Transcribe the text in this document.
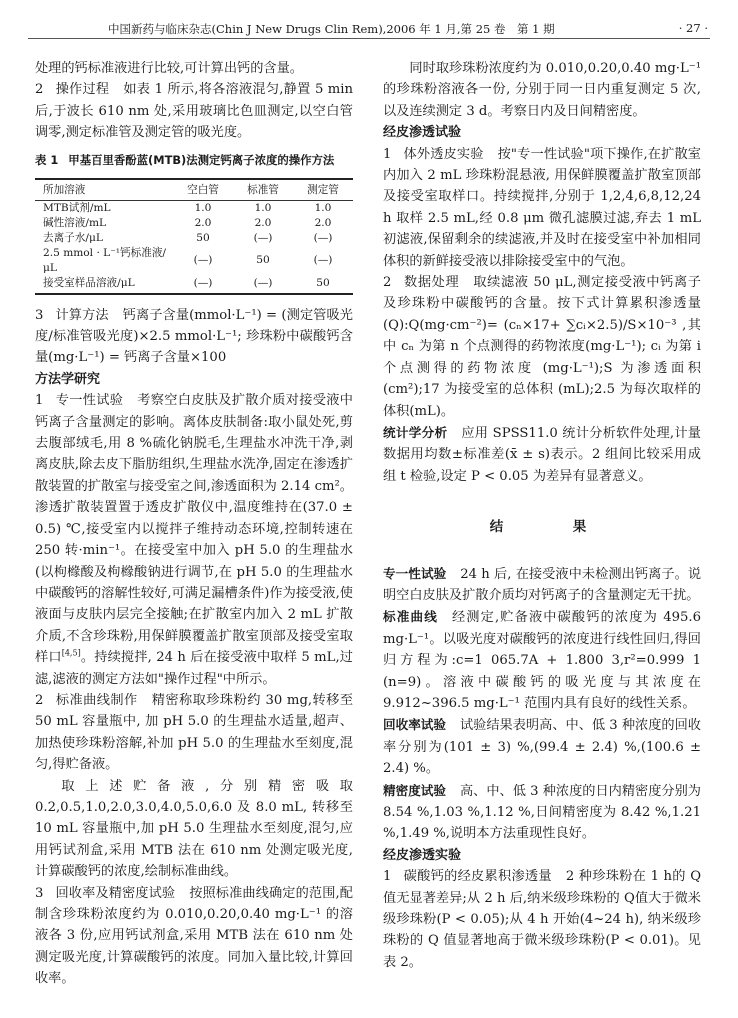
中国新药与临床杂志(Chin J New Drugs Clin Rem),2006 年 1 月,第 25 卷　第 1 期	· 27 ·

处理的钙标准液进行比较,可计算出钙的含量。

2 操作过程 如表 1 所示,将各溶液混匀,静置 5 min 后,于波长 610 nm 处,采用玻璃比色皿测定,以空白管调零,测定标准管及测定管的吸光度。

表 1 甲基百里香酚蓝(MTB)法测定钙离子浓度的操作方法
所加溶液	空白管	标准管	测定管
MTB试剂/mL	1.0	1.0	1.0
碱性溶液/mL	2.0	2.0	2.0
去离子水/μL	50	(—)	(—)
2.5 mmol · L⁻¹钙标准液/μL	(—)	50	(—)
接受室样品溶液/μL	(—)	(—)	50

3 计算方法 钙离子含量(mmol·L⁻¹) = (测定管吸光度/标准管吸光度)×2.5 mmol·L⁻¹; 珍珠粉中碳酸钙含量(mg·L⁻¹) = 钙离子含量×100

方法学研究

1 专一性试验 考察空白皮肤及扩散介质对接受液中钙离子含量测定的影响。离体皮肤制备:取小鼠处死,剪去腹部绒毛,用 8 %硫化钠脱毛,生理盐水冲洗干净,剥离皮肤,除去皮下脂肪组织,生理盐水洗净,固定在渗透扩散装置的扩散室与接受室之间,渗透面积为 2.14 cm²。渗透扩散装置置于透皮扩散仪中,温度维持在(37.0 ± 0.5) ℃,接受室内以搅拌子维持动态环境,控制转速在 250 转·min⁻¹。在接受室中加入 pH 5.0 的生理盐水(以枸橼酸及枸橼酸钠进行调节,在 pH 5.0 的生理盐水中碳酸钙的溶解性较好,可满足漏槽条件)作为接受液,使液面与皮肤内层完全接触;在扩散室内加入 2 mL 扩散介质,不含珍珠粉,用保鲜膜覆盖扩散室顶部及接受室取样口[4,5]。持续搅拌, 24 h 后在接受液中取样 5 mL,过滤,滤液的测定方法如"操作过程"中所示。

2 标准曲线制作 精密称取珍珠粉约 30 mg,转移至 50 mL 容量瓶中, 加 pH 5.0 的生理盐水适量,超声、加热使珍珠粉溶解,补加 pH 5.0 的生理盐水至刻度,混匀,得贮备液。

取上述贮备液,分别精密吸取 0.2,0.5,1.0,2.0,3.0,4.0,5.0,6.0 及 8.0 mL, 转移至 10 mL 容量瓶中,加 pH 5.0 生理盐水至刻度,混匀,应用钙试剂盒,采用 MTB 法在 610 nm 处测定吸光度,计算碳酸钙的浓度,绘制标准曲线。

3 回收率及精密度试验 按照标准曲线确定的范围,配制含珍珠粉浓度约为 0.010,0.20,0.40 mg·L⁻¹ 的溶液各 3 份,应用钙试剂盒,采用 MTB 法在 610 nm 处测定吸光度,计算碳酸钙的浓度。同加入量比较,计算回收率。

同时取珍珠粉浓度约为 0.010,0.20,0.40 mg·L⁻¹ 的珍珠粉溶液各一份, 分别于同一日内重复测定 5 次,以及连续测定 3 d。考察日内及日间精密度。

经皮渗透试验

1 体外透皮实验 按"专一性试验"项下操作,在扩散室内加入 2 mL 珍珠粉混悬液, 用保鲜膜覆盖扩散室顶部及接受室取样口。持续搅拌,分别于 1,2,4,6,8,12,24 h 取样 2.5 mL,经 0.8 μm 微孔滤膜过滤,弃去 1 mL 初滤液,保留剩余的续滤液,并及时在接受室中补加相同体积的新鲜接受液以排除接受室中的气泡。

2 数据处理 取续滤液 50 μL,测定接受液中钙离子及珍珠粉中碳酸钙的含量。按下式计算累积渗透量(Q):Q(mg·cm⁻²)= (cₙ×17+ ∑cᵢ×2.5)/S×10⁻³ ,其中 cₙ 为第 n 个点测得的药物浓度(mg·L⁻¹); cᵢ 为第 i 个点测得的药物浓度 (mg·L⁻¹);S 为渗透面积(cm²);17 为接受室的总体积 (mL);2.5 为每次取样的体积(mL)。

统计学分析 应用 SPSS11.0 统计分析软件处理,计量数据用均数±标准差(x̄ ± s)表示。2 组间比较采用成组 t 检验,设定 P < 0.05 为差异有显著意义。

结　果

专一性试验 24 h 后, 在接受液中未检测出钙离子。说明空白皮肤及扩散介质均对钙离子的含量测定无干扰。

标准曲线 经测定,贮备液中碳酸钙的浓度为 495.6 mg·L⁻¹。以吸光度对碳酸钙的浓度进行线性回归,得回归方程为:c=1 065.7A + 1.800 3,r²=0.999 1 (n=9)。溶液中碳酸钙的吸光度与其浓度在 9.912~396.5 mg·L⁻¹ 范围内具有良好的线性关系。

回收率试验 试验结果表明高、中、低 3 种浓度的回收率分别为(101 ± 3) %,(99.4 ± 2.4) %,(100.6 ± 2.4) %。

精密度试验 高、中、低 3 种浓度的日内精密度分别为 8.54 %,1.03 %,1.12 %,日间精密度为 8.42 %,1.21 %,1.49 %,说明本方法重现性良好。

经皮渗透实验

1 碳酸钙的经皮累积渗透量 2 种珍珠粉在 1 h的 Q 值无显著差异;从 2 h 后,纳米级珍珠粉的 Q值大于微米级珍珠粉(P < 0.05);从 4 h 开始(4~24 h), 纳米级珍珠粉的 Q 值显著地高于微米级珍珠粉(P < 0.01)。见表 2。
